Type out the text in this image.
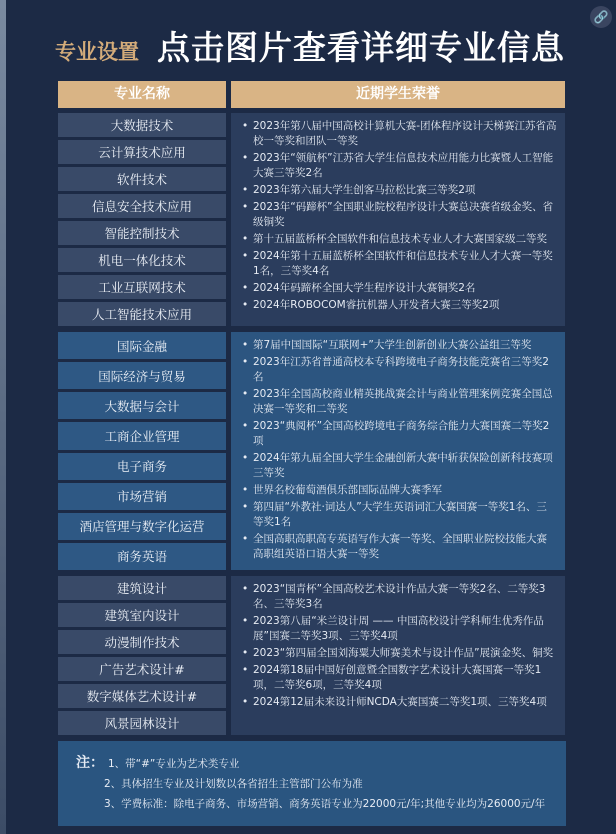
🔗
专业设置 点击图片查看详细专业信息
专业名称	近期学生荣誉
大数据技术
云计算技术应用
软件技术
信息安全技术应用
智能控制技术
机电一体化技术
工业互联网技术
人工智能技术应用
• 2023年第八届中国高校计算机大赛-团体程序设计天梯赛江苏省高校一等奖和团队一等奖
• 2023年“领航杯”江苏省大学生信息技术应用能力比赛暨人工智能大赛三等奖2名
• 2023年第六届大学生创客马拉松比赛三等奖2项
• 2023年“码蹄杯”全国职业院校程序设计大赛总决赛省级金奖、省级铜奖
• 第十五届蓝桥杯全国软件和信息技术专业人才大赛国家级二等奖
• 2024年第十五届蓝桥杯全国软件和信息技术专业人才大赛一等奖1名，三等奖4名
• 2024年码蹄杯全国大学生程序设计大赛铜奖2名
• 2024年ROBOCOM睿抗机器人开发者大赛三等奖2项
国际金融
国际经济与贸易
大数据与会计
工商企业管理
电子商务
市场营销
酒店管理与数字化运营
商务英语
• 第7届中国国际“互联网+”大学生创新创业大赛公益组三等奖
• 2023年江苏省普通高校本专科跨境电子商务技能竞赛省三等奖2名
• 2023年全国高校商业精英挑战赛会计与商业管理案例竞赛全国总决赛一等奖和二等奖
• 2023“典阅杯”全国高校跨境电子商务综合能力大赛国赛二等奖2项
• 2024年第九届全国大学生金融创新大赛中斩获保险创新科技赛项三等奖
• 世界名校葡萄酒俱乐部国际品牌大赛季军
• 第四届“外教社·词达人”大学生英语词汇大赛国赛一等奖1名、三等奖1名
• 全国高职高职高专英语写作大赛一等奖、全国职业院校技能大赛高职组英语口语大赛一等奖
建筑设计
建筑室内设计
动漫制作技术
广告艺术设计#
数字媒体艺术设计#
风景园林设计
• 2023“国青杯”全国高校艺术设计作品大赛一等奖2名、二等奖3名、三等奖3名
• 2023第八届“米兰设计周 —— 中国高校设计学科师生优秀作品展”国赛二等奖3项、三等奖4项
• 2023“第四届全国刘海粟大师赛美术与设计作品”展演金奖、铜奖
• 2024第18届中国好创意暨全国数字艺术设计大赛国赛一等奖1项，二等奖6项，三等奖4项
• 2024第12届未来设计师NCDA大赛国赛二等奖1项、三等奖4项
注： 1、带“#”专业为艺术类专业
2、具体招生专业及计划数以各省招生主管部门公布为准
3、学费标准：除电子商务、市场营销、商务英语专业为22000元/年;其他专业均为26000元/年
